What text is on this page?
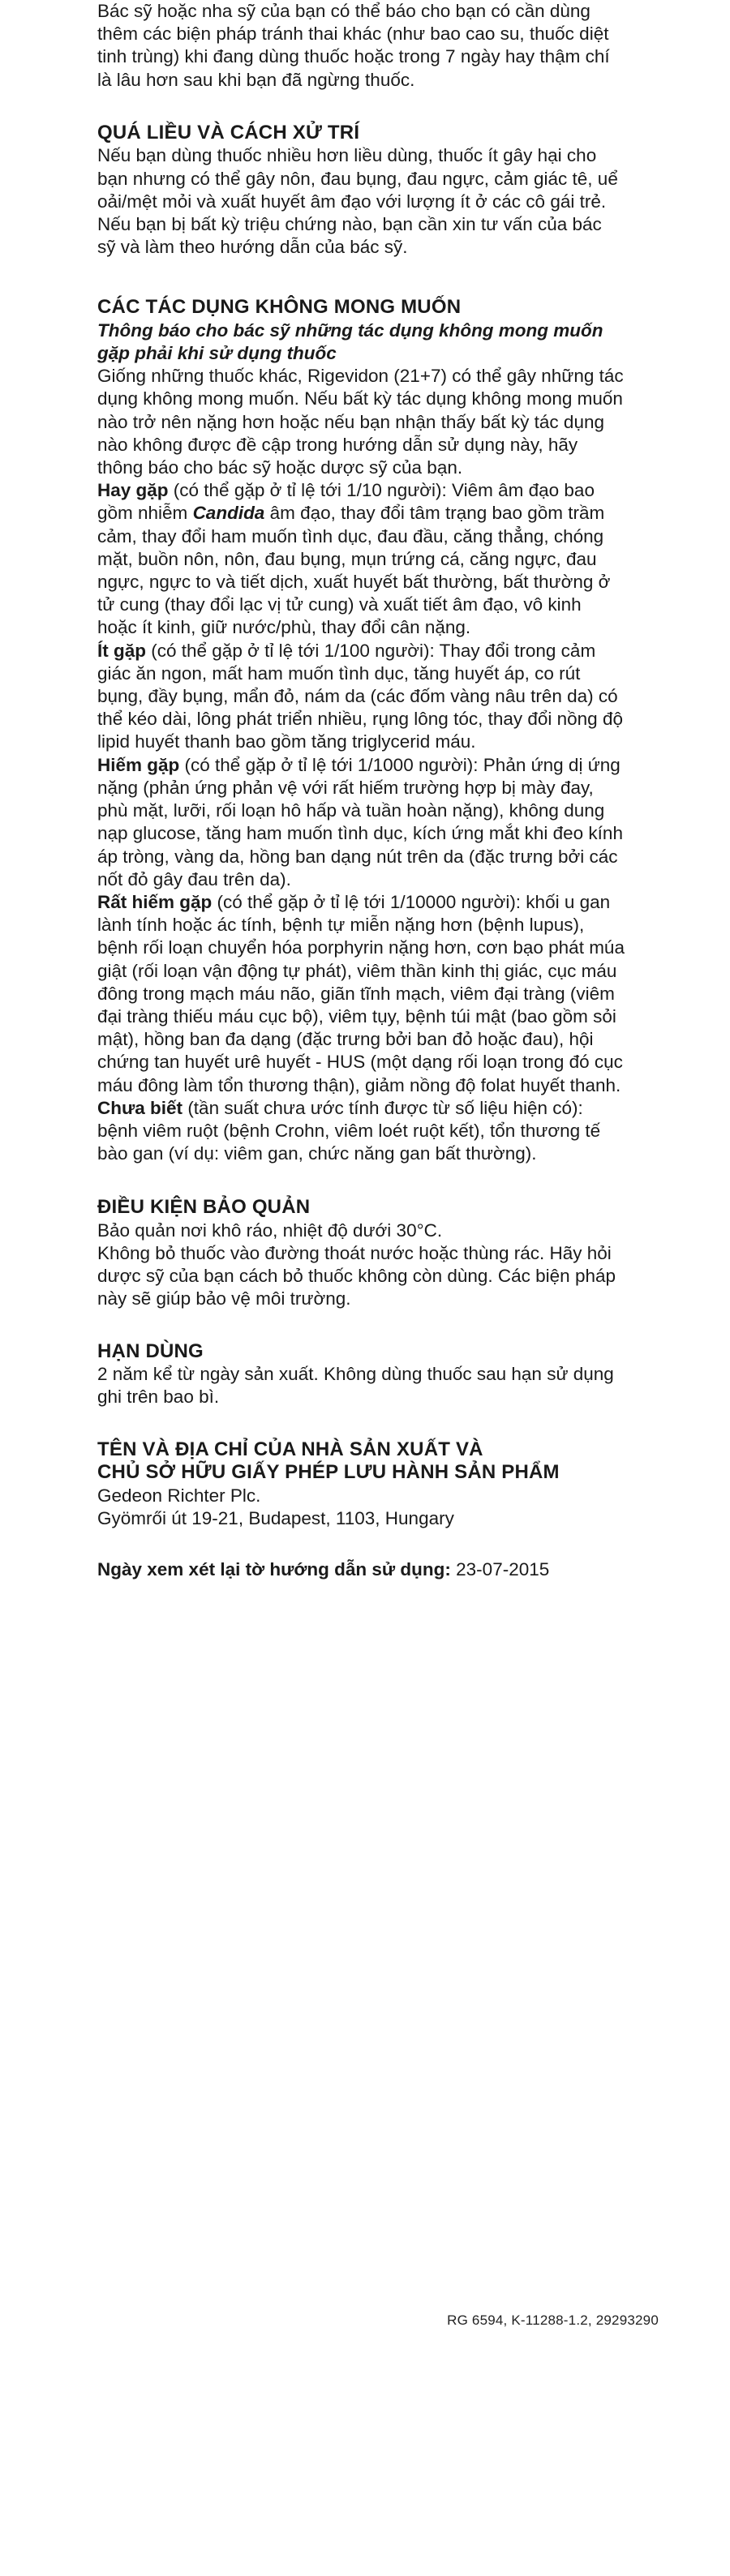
Bác sỹ hoặc nha sỹ của bạn có thể báo cho bạn có cần dùng thêm các biện pháp tránh thai khác (như bao cao su, thuốc diệt tinh trùng) khi đang dùng thuốc hoặc trong 7 ngày hay thậm chí là lâu hơn sau khi bạn đã ngừng thuốc.

QUÁ LIỀU VÀ CÁCH XỬ TRÍ

Nếu bạn dùng thuốc nhiều hơn liều dùng, thuốc ít gây hại cho bạn nhưng có thể gây nôn, đau bụng, đau ngực, cảm giác tê, uể oải/mệt mỏi và xuất huyết âm đạo với lượng ít ở các cô gái trẻ. Nếu bạn bị bất kỳ triệu chứng nào, bạn cần xin tư vấn của bác sỹ và làm theo hướng dẫn của bác sỹ.

CÁC TÁC DỤNG KHÔNG MONG MUỐN

Thông báo cho bác sỹ những tác dụng không mong muốn gặp phải khi sử dụng thuốc

Giống những thuốc khác, Rigevidon (21+7) có thể gây những tác dụng không mong muốn. Nếu bất kỳ tác dụng không mong muốn nào trở nên nặng hơn hoặc nếu bạn nhận thấy bất kỳ tác dụng nào không được đề cập trong hướng dẫn sử dụng này, hãy thông báo cho bác sỹ hoặc dược sỹ của bạn.

Hay gặp (có thể gặp ở tỉ lệ tới 1/10 người): Viêm âm đạo bao gồm nhiễm Candida âm đạo, thay đổi tâm trạng bao gồm trầm cảm, thay đổi ham muốn tình dục, đau đầu, căng thẳng, chóng mặt, buồn nôn, nôn, đau bụng, mụn trứng cá, căng ngực, đau ngực, ngực to và tiết dịch, xuất huyết bất thường, bất thường ở tử cung (thay đổi lạc vị tử cung) và xuất tiết âm đạo, vô kinh hoặc ít kinh, giữ nước/phù, thay đổi cân nặng.

Ít gặp (có thể gặp ở tỉ lệ tới 1/100 người): Thay đổi trong cảm giác ăn ngon, mất ham muốn tình dục, tăng huyết áp, co rút bụng, đầy bụng, mẩn đỏ, nám da (các đốm vàng nâu trên da) có thể kéo dài, lông phát triển nhiều, rụng lông tóc, thay đổi nồng độ lipid huyết thanh bao gồm tăng triglycerid máu.

Hiếm gặp (có thể gặp ở tỉ lệ tới 1/1000 người): Phản ứng dị ứng nặng (phản ứng phản vệ với rất hiếm trường hợp bị mày đay, phù mặt, lưỡi, rối loạn hô hấp và tuần hoàn nặng), không dung nạp glucose, tăng ham muốn tình dục, kích ứng mắt khi đeo kính áp tròng, vàng da, hồng ban dạng nút trên da (đặc trưng bởi các nốt đỏ gây đau trên da).

Rất hiếm gặp (có thể gặp ở tỉ lệ tới 1/10000 người): khối u gan lành tính hoặc ác tính, bệnh tự miễn nặng hơn (bệnh lupus), bệnh rối loạn chuyển hóa porphyrin nặng hơn, cơn bạo phát múa giật (rối loạn vận động tự phát), viêm thần kinh thị giác, cục máu đông trong mạch máu não, giãn tĩnh mạch, viêm đại tràng (viêm đại tràng thiếu máu cục bộ), viêm tụy, bệnh túi mật (bao gồm sỏi mật), hồng ban đa dạng (đặc trưng bởi ban đỏ hoặc đau), hội chứng tan huyết urê huyết - HUS (một dạng rối loạn trong đó cục máu đông làm tổn thương thận), giảm nồng độ folat huyết thanh.

Chưa biết (tần suất chưa ước tính được từ số liệu hiện có): bệnh viêm ruột (bệnh Crohn, viêm loét ruột kết), tổn thương tế bào gan (ví dụ: viêm gan, chức năng gan bất thường).

ĐIỀU KIỆN BẢO QUẢN

Bảo quản nơi khô ráo, nhiệt độ dưới 30°C.

Không bỏ thuốc vào đường thoát nước hoặc thùng rác. Hãy hỏi dược sỹ của bạn cách bỏ thuốc không còn dùng. Các biện pháp này sẽ giúp bảo vệ môi trường.

HẠN DÙNG

2 năm kể từ ngày sản xuất. Không dùng thuốc sau hạn sử dụng ghi trên bao bì.

TÊN VÀ ĐỊA CHỈ CỦA NHÀ SẢN XUẤT VÀ
CHỦ SỞ HỮU GIẤY PHÉP LƯU HÀNH SẢN PHẨM

Gedeon Richter Plc.

Gyömrői út 19-21, Budapest, 1103, Hungary

Ngày xem xét lại tờ hướng dẫn sử dụng: 23-07-2015

RG 6594, K-11288-1.2, 29293290
